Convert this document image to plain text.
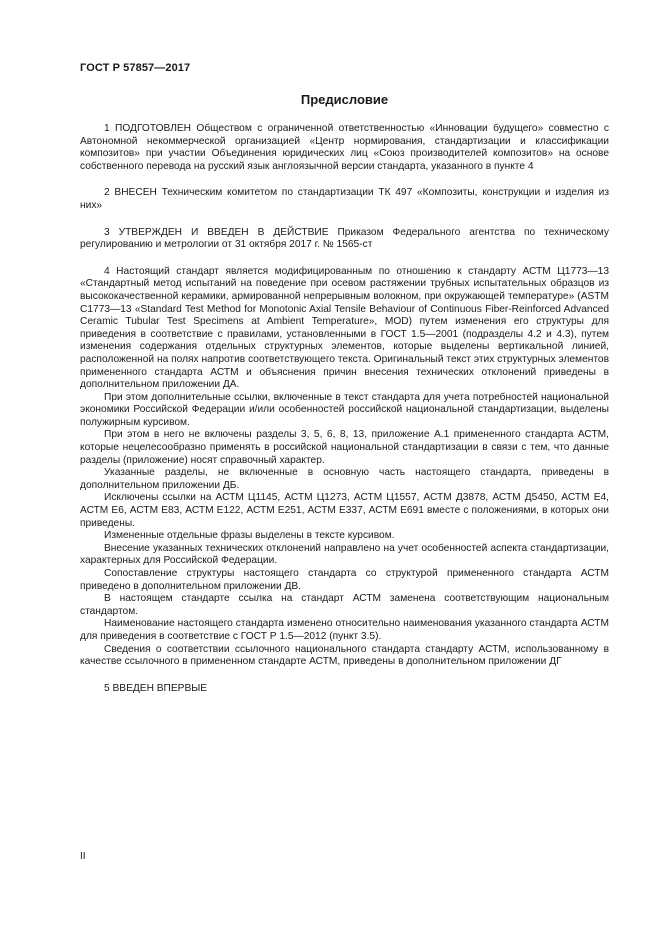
ГОСТ Р 57857—2017
Предисловие

1 ПОДГОТОВЛЕН Обществом с ограниченной ответственностью «Инновации будущего» совместно с Автономной некоммерческой организацией «Центр нормирования, стандартизации и классификации композитов» при участии Объединения юридических лиц «Союз производителей композитов» на основе собственного перевода на русский язык англоязычной версии стандарта, указанного в пункте 4

2 ВНЕСЕН Техническим комитетом по стандартизации ТК 497 «Композиты, конструкции и изделия из них»

3 УТВЕРЖДЕН И ВВЕДЕН В ДЕЙСТВИЕ Приказом Федерального агентства по техническому регулированию и метрологии от 31 октября 2017 г. № 1565-ст

4 Настоящий стандарт является модифицированным по отношению к стандарту АСТМ Ц1773—13 «Стандартный метод испытаний на поведение при осевом растяжении трубных испытательных образцов из высококачественной керамики, армированной непрерывным волокном, при окружающей температуре» (ASTM C1773—13 «Standard Test Method for Monotonic Axial Tensile Behaviour of Continuous Fiber-Reinforced Advanced Ceramic Tubular Test Specimens at Ambient Temperature», MOD) путем изменения его структуры для приведения в соответствие с правилами, установленными в ГОСТ 1.5—2001 (подразделы 4.2 и 4.3), путем изменения содержания отдельных структурных элементов, которые выделены вертикальной линией, расположенной на полях напротив соответствующего текста. Оригинальный текст этих структурных элементов примененного стандарта АСТМ и объяснения причин внесения технических отклонений приведены в дополнительном приложении ДА.

При этом дополнительные ссылки, включенные в текст стандарта для учета потребностей национальной экономики Российской Федерации и/или особенностей российской национальной стандартизации, выделены полужирным курсивом.

При этом в него не включены разделы 3, 5, 6, 8, 13, приложение А.1 примененного стандарта АСТМ, которые нецелесообразно применять в российской национальной стандартизации в связи с тем, что данные разделы (приложение) носят справочный характер.

Указанные разделы, не включенные в основную часть настоящего стандарта, приведены в дополнительном приложении ДБ.

Исключены ссылки на АСТМ Ц1145, АСТМ Ц1273, АСТМ Ц1557, АСТМ Д3878, АСТМ Д5450, АСТМ Е4, АСТМ Е6, АСТМ Е83, АСТМ Е122, АСТМ Е251, АСТМ Е337, АСТМ Е691 вместе с положениями, в которых они приведены.

Измененные отдельные фразы выделены в тексте курсивом.

Внесение указанных технических отклонений направлено на учет особенностей аспекта стандартизации, характерных для Российской Федерации.

Сопоставление структуры настоящего стандарта со структурой примененного стандарта АСТМ приведено в дополнительном приложении ДВ.

В настоящем стандарте ссылка на стандарт АСТМ заменена соответствующим национальным стандартом.

Наименование настоящего стандарта изменено относительно наименования указанного стандарта АСТМ для приведения в соответствие с ГОСТ Р 1.5—2012 (пункт 3.5).

Сведения о соответствии ссылочного национального стандарта стандарту АСТМ, использованному в качестве ссылочного в примененном стандарте АСТМ, приведены в дополнительном приложении ДГ

5 ВВЕДЕН ВПЕРВЫЕ

II
